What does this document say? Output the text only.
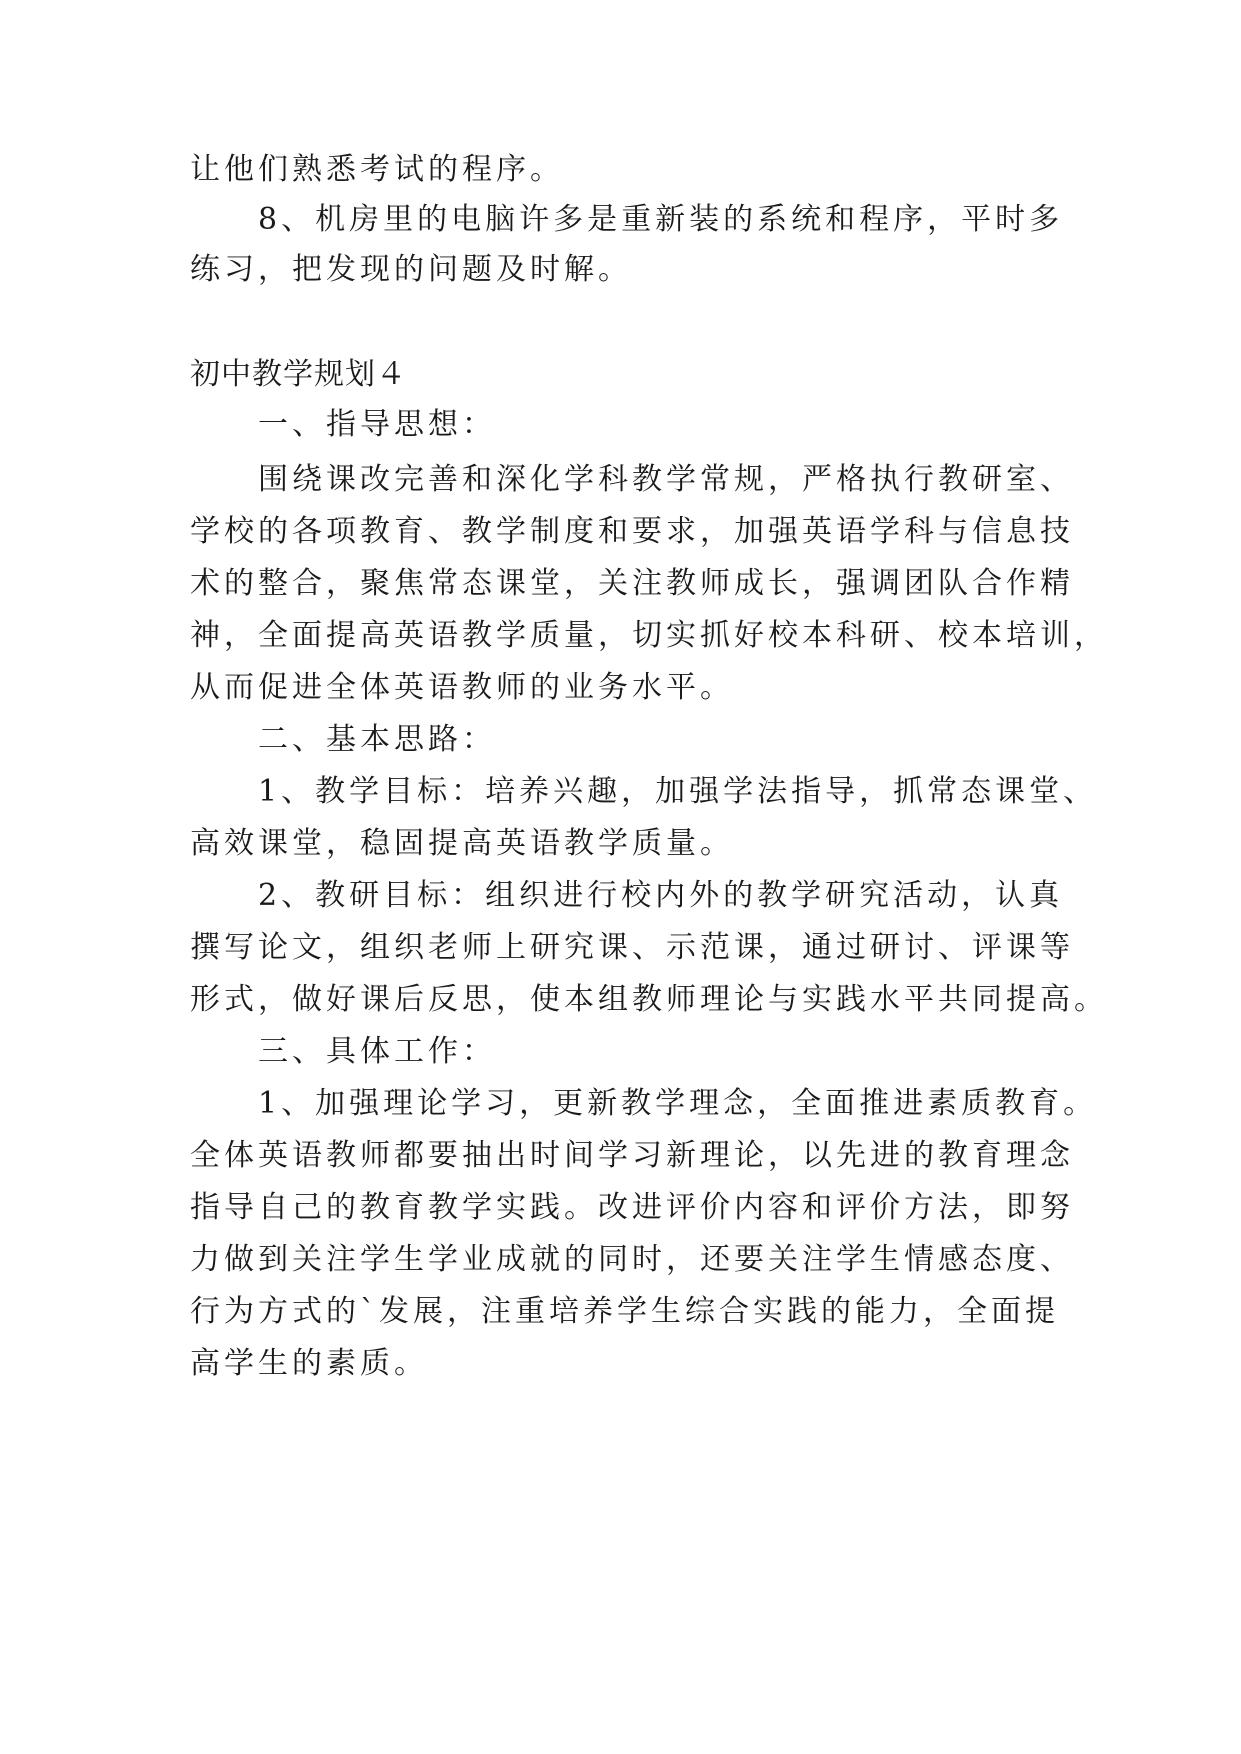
让他们熟悉考试的程序。
8、机房里的电脑许多是重新装的系统和程序，平时多
练习，把发现的问题及时解。
初中教学规划４
一、指导思想：
围绕课改完善和深化学科教学常规，严格执行教研室、
学校的各项教育、教学制度和要求，加强英语学科与信息技
术的整合，聚焦常态课堂，关注教师成长，强调团队合作精
神，全面提高英语教学质量，切实抓好校本科研、校本培训，
从而促进全体英语教师的业务水平。
二、基本思路：
1、教学目标：培养兴趣，加强学法指导，抓常态课堂、
高效课堂，稳固提高英语教学质量。
2、教研目标：组织进行校内外的教学研究活动，认真
撰写论文，组织老师上研究课、示范课，通过研讨、评课等
形式，做好课后反思，使本组教师理论与实践水平共同提高。
三、具体工作：
1、加强理论学习，更新教学理念，全面推进素质教育。
全体英语教师都要抽出时间学习新理论，以先进的教育理念
指导自己的教育教学实践。改进评价内容和评价方法，即努
力做到关注学生学业成就的同时，还要关注学生情感态度、
行为方式的`发展，注重培养学生综合实践的能力，全面提
高学生的素质。
